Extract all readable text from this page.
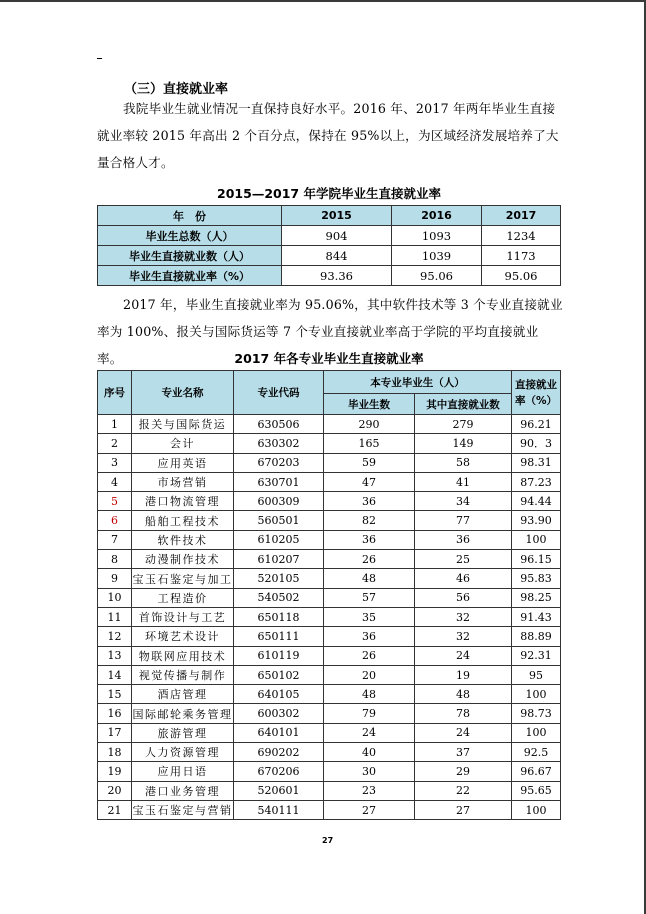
（三）直接就业率

我院毕业生就业情况一直保持良好水平。2016 年、2017 年两年毕业生直接就业率较 2015 年高出 2 个百分点，保持在 95%以上，为区域经济发展培养了大量合格人才。

2015—2017 年学院毕业生直接就业率
年　份	2015	2016	2017
毕业生总数（人）	904	1093	1234
毕业生直接就业数（人）	844	1039	1173
毕业生直接就业率（%）	93.36	95.06	95.06

2017 年，毕业生直接就业率为 95.06%，其中软件技术等 3 个专业直接就业率为 100%、报关与国际货运等 7 个专业直接就业率高于学院的平均直接就业率。	2017 年各专业毕业生直接就业率
序号	专业名称	专业代码	本专业毕业生（人）		直接就业率（%）
			毕业生数	其中直接就业数	
1	报关与国际货运	630506	290	279	96.21
2	会计	630302	165	149	90．3
3	应用英语	670203	59	58	98.31
4	市场营销	630701	47	41	87.23
5	港口物流管理	600309	36	34	94.44
6	船舶工程技术	560501	82	77	93.90
7	软件技术	610205	36	36	100
8	动漫制作技术	610207	26	25	96.15
9	宝玉石鉴定与加工	520105	48	46	95.83
10	工程造价	540502	57	56	98.25
11	首饰设计与工艺	650118	35	32	91.43
12	环境艺术设计	650111	36	32	88.89
13	物联网应用技术	610119	26	24	92.31
14	视觉传播与制作	650102	20	19	95
15	酒店管理	640105	48	48	100
16	国际邮轮乘务管理	600302	79	78	98.73
17	旅游管理	640101	24	24	100
18	人力资源管理	690202	40	37	92.5
19	应用日语	670206	30	29	96.67
20	港口业务管理	520601	23	22	95.65
21	宝玉石鉴定与营销	540111	27	27	100
27
